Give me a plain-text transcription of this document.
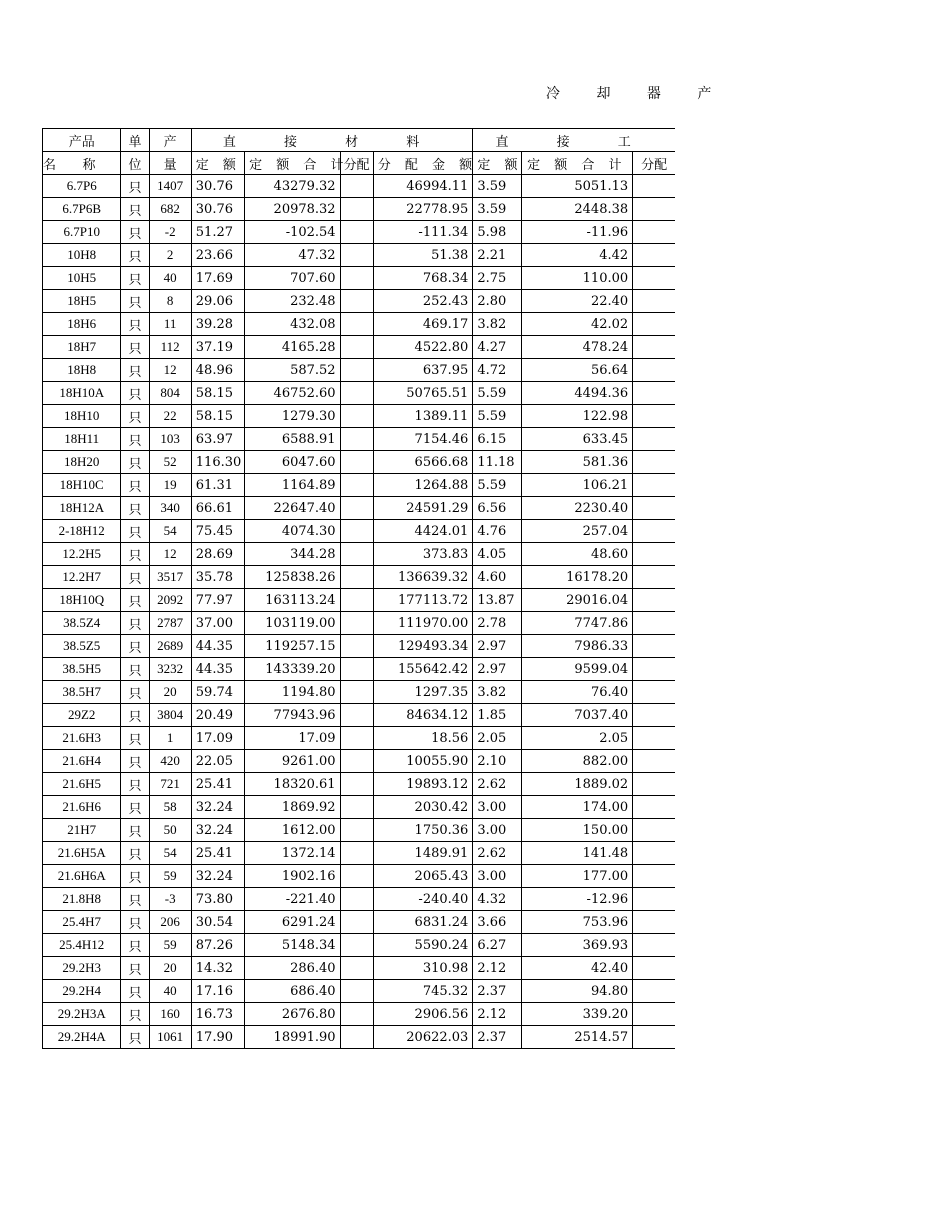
冷 却 器 产
产品	单	产	直 接 材 料				直 接 工		
名    称	位	量	定 额	定 额 合 计	分配	分 配 金 额	定 额	定 额 合 计	分配
6.7P6	只	1407	30.76	43279.32		46994.11	3.59	5051.13	
6.7P6B	只	682	30.76	20978.32		22778.95	3.59	2448.38	
6.7P10	只	-2	51.27	-102.54		-111.34	5.98	-11.96	
10H8	只	2	23.66	47.32		51.38	2.21	4.42	
10H5	只	40	17.69	707.60		768.34	2.75	110.00	
18H5	只	8	29.06	232.48		252.43	2.80	22.40	
18H6	只	11	39.28	432.08		469.17	3.82	42.02	
18H7	只	112	37.19	4165.28		4522.80	4.27	478.24	
18H8	只	12	48.96	587.52		637.95	4.72	56.64	
18H10A	只	804	58.15	46752.60		50765.51	5.59	4494.36	
18H10	只	22	58.15	1279.30		1389.11	5.59	122.98	
18H11	只	103	63.97	6588.91		7154.46	6.15	633.45	
18H20	只	52	116.30	6047.60		6566.68	11.18	581.36	
18H10C	只	19	61.31	1164.89		1264.88	5.59	106.21	
18H12A	只	340	66.61	22647.40		24591.29	6.56	2230.40	
2-18H12	只	54	75.45	4074.30		4424.01	4.76	257.04	
12.2H5	只	12	28.69	344.28		373.83	4.05	48.60	
12.2H7	只	3517	35.78	125838.26		136639.32	4.60	16178.20	
18H10Q	只	2092	77.97	163113.24		177113.72	13.87	29016.04	
38.5Z4	只	2787	37.00	103119.00		111970.00	2.78	7747.86	
38.5Z5	只	2689	44.35	119257.15		129493.34	2.97	7986.33	
38.5H5	只	3232	44.35	143339.20		155642.42	2.97	9599.04	
38.5H7	只	20	59.74	1194.80		1297.35	3.82	76.40	
29Z2	只	3804	20.49	77943.96		84634.12	1.85	7037.40	
21.6H3	只	1	17.09	17.09		18.56	2.05	2.05	
21.6H4	只	420	22.05	9261.00		10055.90	2.10	882.00	
21.6H5	只	721	25.41	18320.61		19893.12	2.62	1889.02	
21.6H6	只	58	32.24	1869.92		2030.42	3.00	174.00	
21H7	只	50	32.24	1612.00		1750.36	3.00	150.00	
21.6H5A	只	54	25.41	1372.14		1489.91	2.62	141.48	
21.6H6A	只	59	32.24	1902.16		2065.43	3.00	177.00	
21.8H8	只	-3	73.80	-221.40		-240.40	4.32	-12.96	
25.4H7	只	206	30.54	6291.24		6831.24	3.66	753.96	
25.4H12	只	59	87.26	5148.34		5590.24	6.27	369.93	
29.2H3	只	20	14.32	286.40		310.98	2.12	42.40	
29.2H4	只	40	17.16	686.40		745.32	2.37	94.80	
29.2H3A	只	160	16.73	2676.80		2906.56	2.12	339.20	
29.2H4A	只	1061	17.90	18991.90		20622.03	2.37	2514.57	
